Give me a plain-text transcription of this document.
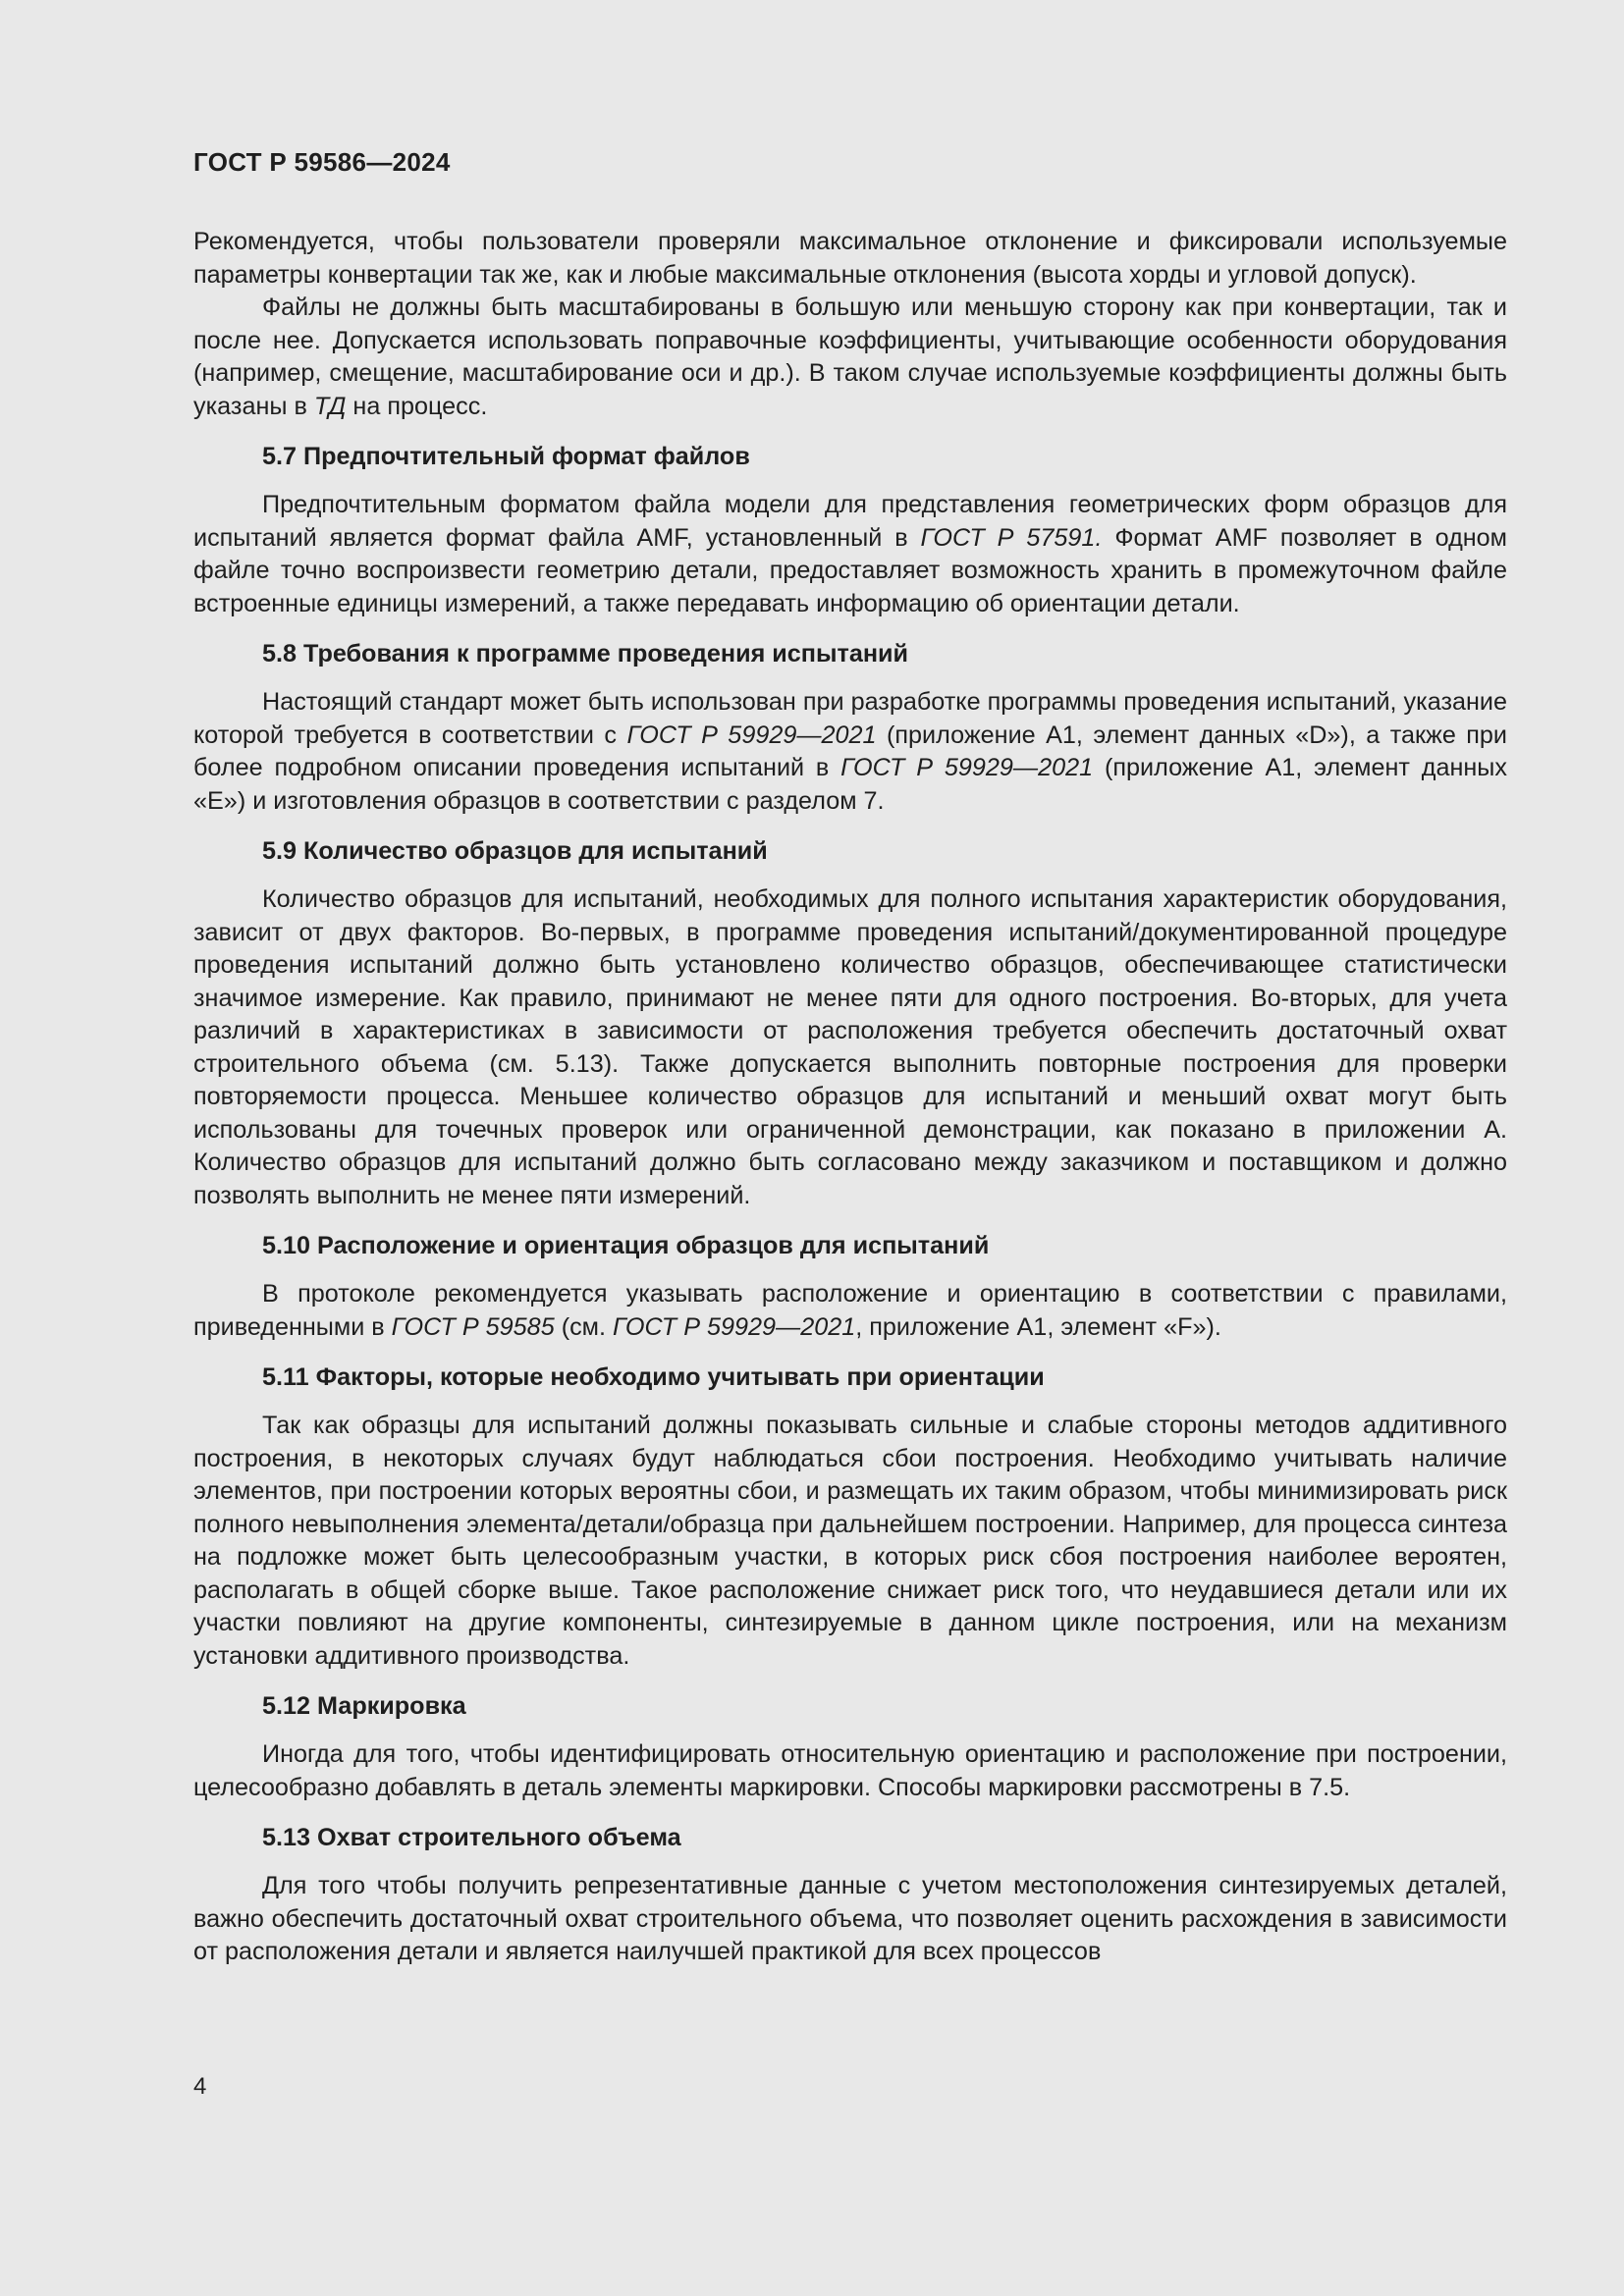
ГОСТ Р 59586—2024

Рекомендуется, чтобы пользователи проверяли максимальное отклонение и фиксировали используемые параметры конвертации так же, как и любые максимальные отклонения (высота хорды и угловой допуск).

Файлы не должны быть масштабированы в большую или меньшую сторону как при конвертации, так и после нее. Допускается использовать поправочные коэффициенты, учитывающие особенности оборудования (например, смещение, масштабирование оси и др.). В таком случае используемые коэффициенты должны быть указаны в ТД на процесс.

5.7 Предпочтительный формат файлов

Предпочтительным форматом файла модели для представления геометрических форм образцов для испытаний является формат файла AMF, установленный в ГОСТ Р 57591. Формат AMF позволяет в одном файле точно воспроизвести геометрию детали, предоставляет возможность хранить в промежуточном файле встроенные единицы измерений, а также передавать информацию об ориентации детали.

5.8 Требования к программе проведения испытаний

Настоящий стандарт может быть использован при разработке программы проведения испытаний, указание которой требуется в соответствии с ГОСТ Р 59929—2021 (приложение А1, элемент данных «D»), а также при более подробном описании проведения испытаний в ГОСТ Р 59929—2021 (приложение А1, элемент данных «E») и изготовления образцов в соответствии с разделом 7.

5.9 Количество образцов для испытаний

Количество образцов для испытаний, необходимых для полного испытания характеристик оборудования, зависит от двух факторов. Во-первых, в программе проведения испытаний/документированной процедуре проведения испытаний должно быть установлено количество образцов, обеспечивающее статистически значимое измерение. Как правило, принимают не менее пяти для одного построения. Во-вторых, для учета различий в характеристиках в зависимости от расположения требуется обеспечить достаточный охват строительного объема (см. 5.13). Также допускается выполнить повторные построения для проверки повторяемости процесса. Меньшее количество образцов для испытаний и меньший охват могут быть использованы для точечных проверок или ограниченной демонстрации, как показано в приложении А. Количество образцов для испытаний должно быть согласовано между заказчиком и поставщиком и должно позволять выполнить не менее пяти измерений.

5.10 Расположение и ориентация образцов для испытаний

В протоколе рекомендуется указывать расположение и ориентацию в соответствии с правилами, приведенными в ГОСТ Р 59585 (см. ГОСТ Р 59929—2021, приложение А1, элемент «F»).

5.11 Факторы, которые необходимо учитывать при ориентации

Так как образцы для испытаний должны показывать сильные и слабые стороны методов аддитивного построения, в некоторых случаях будут наблюдаться сбои построения. Необходимо учитывать наличие элементов, при построении которых вероятны сбои, и размещать их таким образом, чтобы минимизировать риск полного невыполнения элемента/детали/образца при дальнейшем построении. Например, для процесса синтеза на подложке может быть целесообразным участки, в которых риск сбоя построения наиболее вероятен, располагать в общей сборке выше. Такое расположение снижает риск того, что неудавшиеся детали или их участки повлияют на другие компоненты, синтезируемые в данном цикле построения, или на механизм установки аддитивного производства.

5.12 Маркировка

Иногда для того, чтобы идентифицировать относительную ориентацию и расположение при построении, целесообразно добавлять в деталь элементы маркировки. Способы маркировки рассмотрены в 7.5.

5.13 Охват строительного объема

Для того чтобы получить репрезентативные данные с учетом местоположения синтезируемых деталей, важно обеспечить достаточный охват строительного объема, что позволяет оценить расхождения в зависимости от расположения детали и является наилучшей практикой для всех процессов

4
